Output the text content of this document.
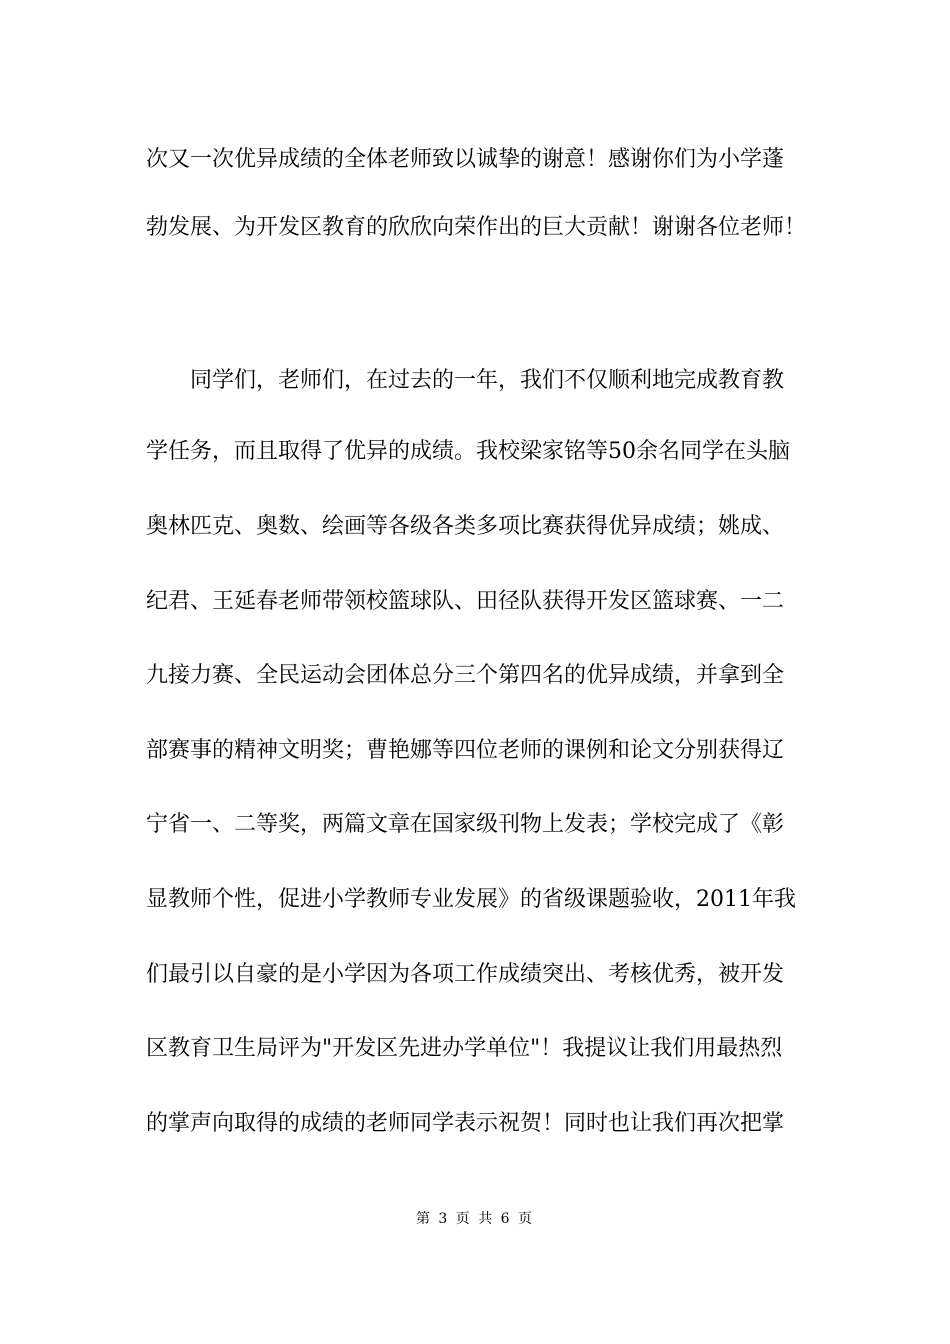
次又一次优异成绩的全体老师致以诚挚的谢意！感谢你们为小学蓬
勃发展、为开发区教育的欣欣向荣作出的巨大贡献！谢谢各位老师！
同学们，老师们，在过去的一年，我们不仅顺利地完成教育教
学任务，而且取得了优异的成绩。我校梁家铭等50余名同学在头脑
奥林匹克、奥数、绘画等各级各类多项比赛获得优异成绩；姚成、
纪君、王延春老师带领校篮球队、田径队获得开发区篮球赛、一二
九接力赛、全民运动会团体总分三个第四名的优异成绩，并拿到全
部赛事的精神文明奖；曹艳娜等四位老师的课例和论文分别获得辽
宁省一、二等奖，两篇文章在国家级刊物上发表；学校完成了《彰
显教师个性，促进小学教师专业发展》的省级课题验收，2011年我
们最引以自豪的是小学因为各项工作成绩突出、考核优秀，被开发
区教育卫生局评为"开发区先进办学单位"！我提议让我们用最热烈
的掌声向取得的成绩的老师同学表示祝贺！同时也让我们再次把掌
第 3 页 共 6 页
